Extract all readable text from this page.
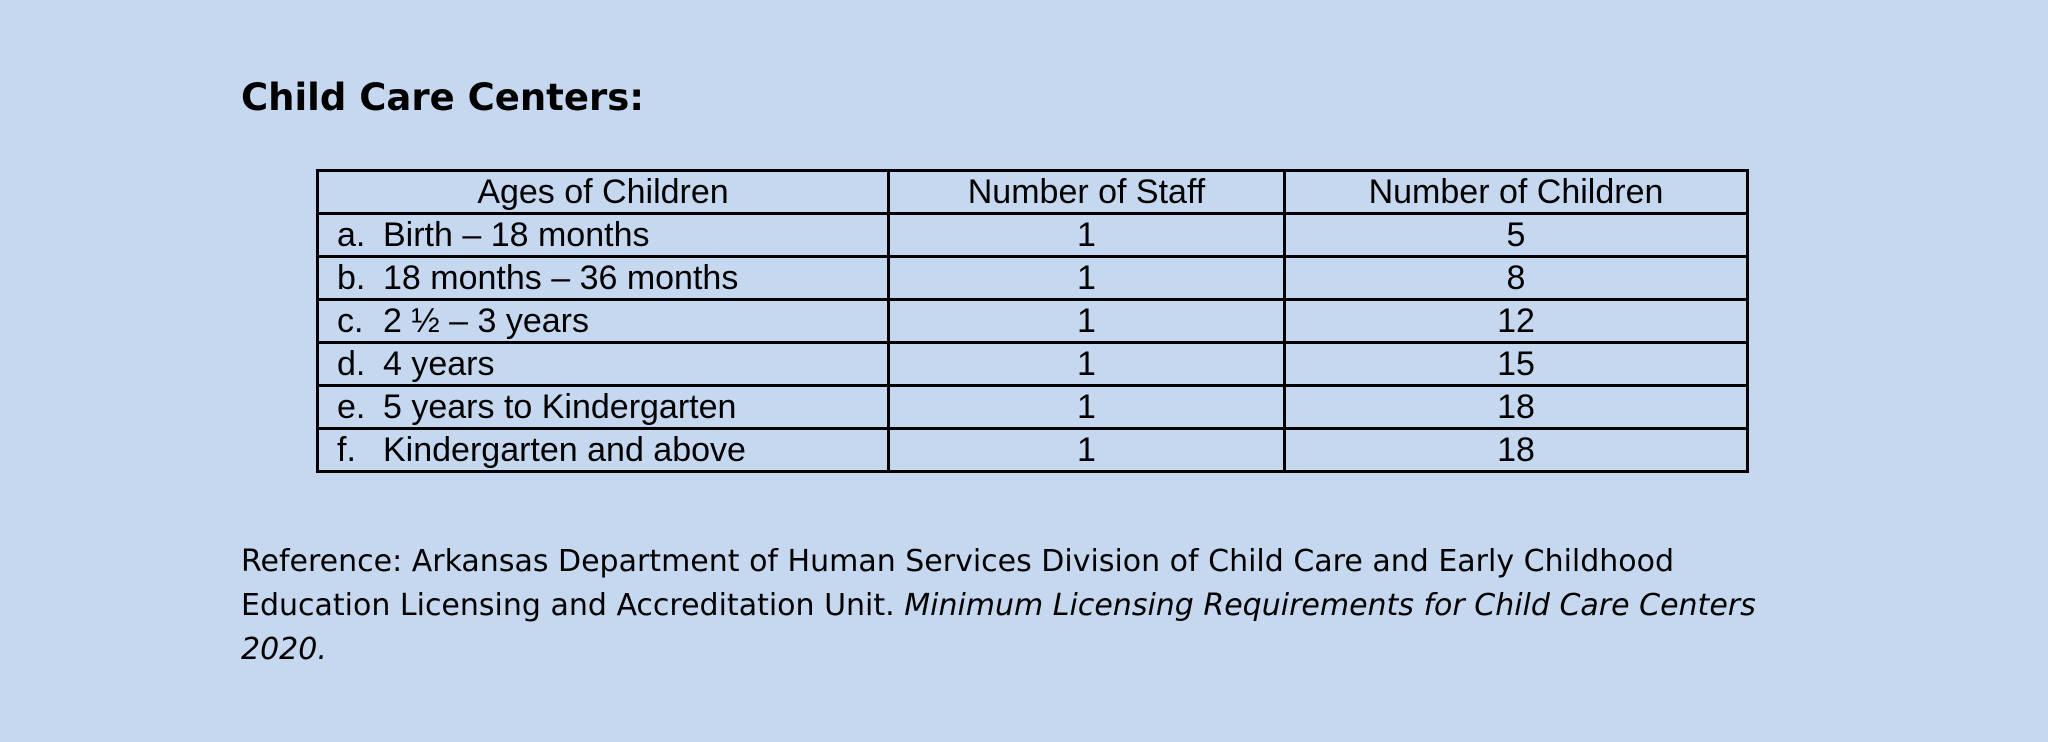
Child Care Centers:
Ages of Children	Number of Staff	Number of Children
a. Birth – 18 months	1	5
b. 18 months – 36 months	1	8
c. 2 ½ – 3 years	1	12
d. 4 years	1	15
e. 5 years to Kindergarten	1	18
f. Kindergarten and above	1	18

Reference: Arkansas Department of Human Services Division of Child Care and Early Childhood Education Licensing and Accreditation Unit. Minimum Licensing Requirements for Child Care Centers 2020.
